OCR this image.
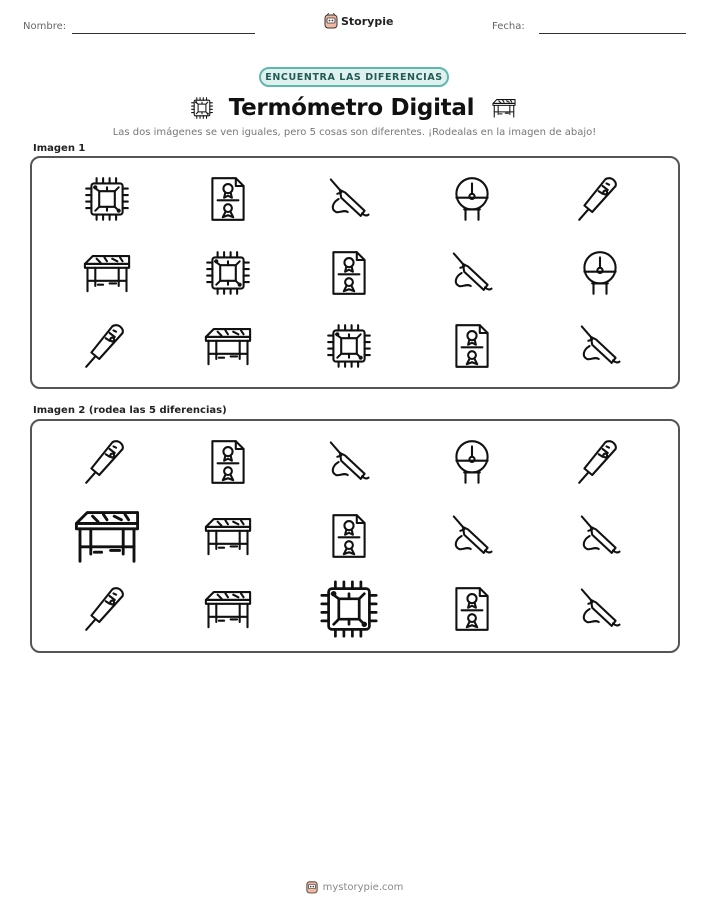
Nombre:	Storypie	Fecha:
ENCUENTRA LAS DIFERENCIAS
Termómetro Digital
Las dos imágenes se ven iguales, pero 5 cosas son diferentes. ¡Rodealas en la imagen de abajo!
Imagen 1
Imagen 2 (rodea las 5 diferencias)
mystorypie.com
